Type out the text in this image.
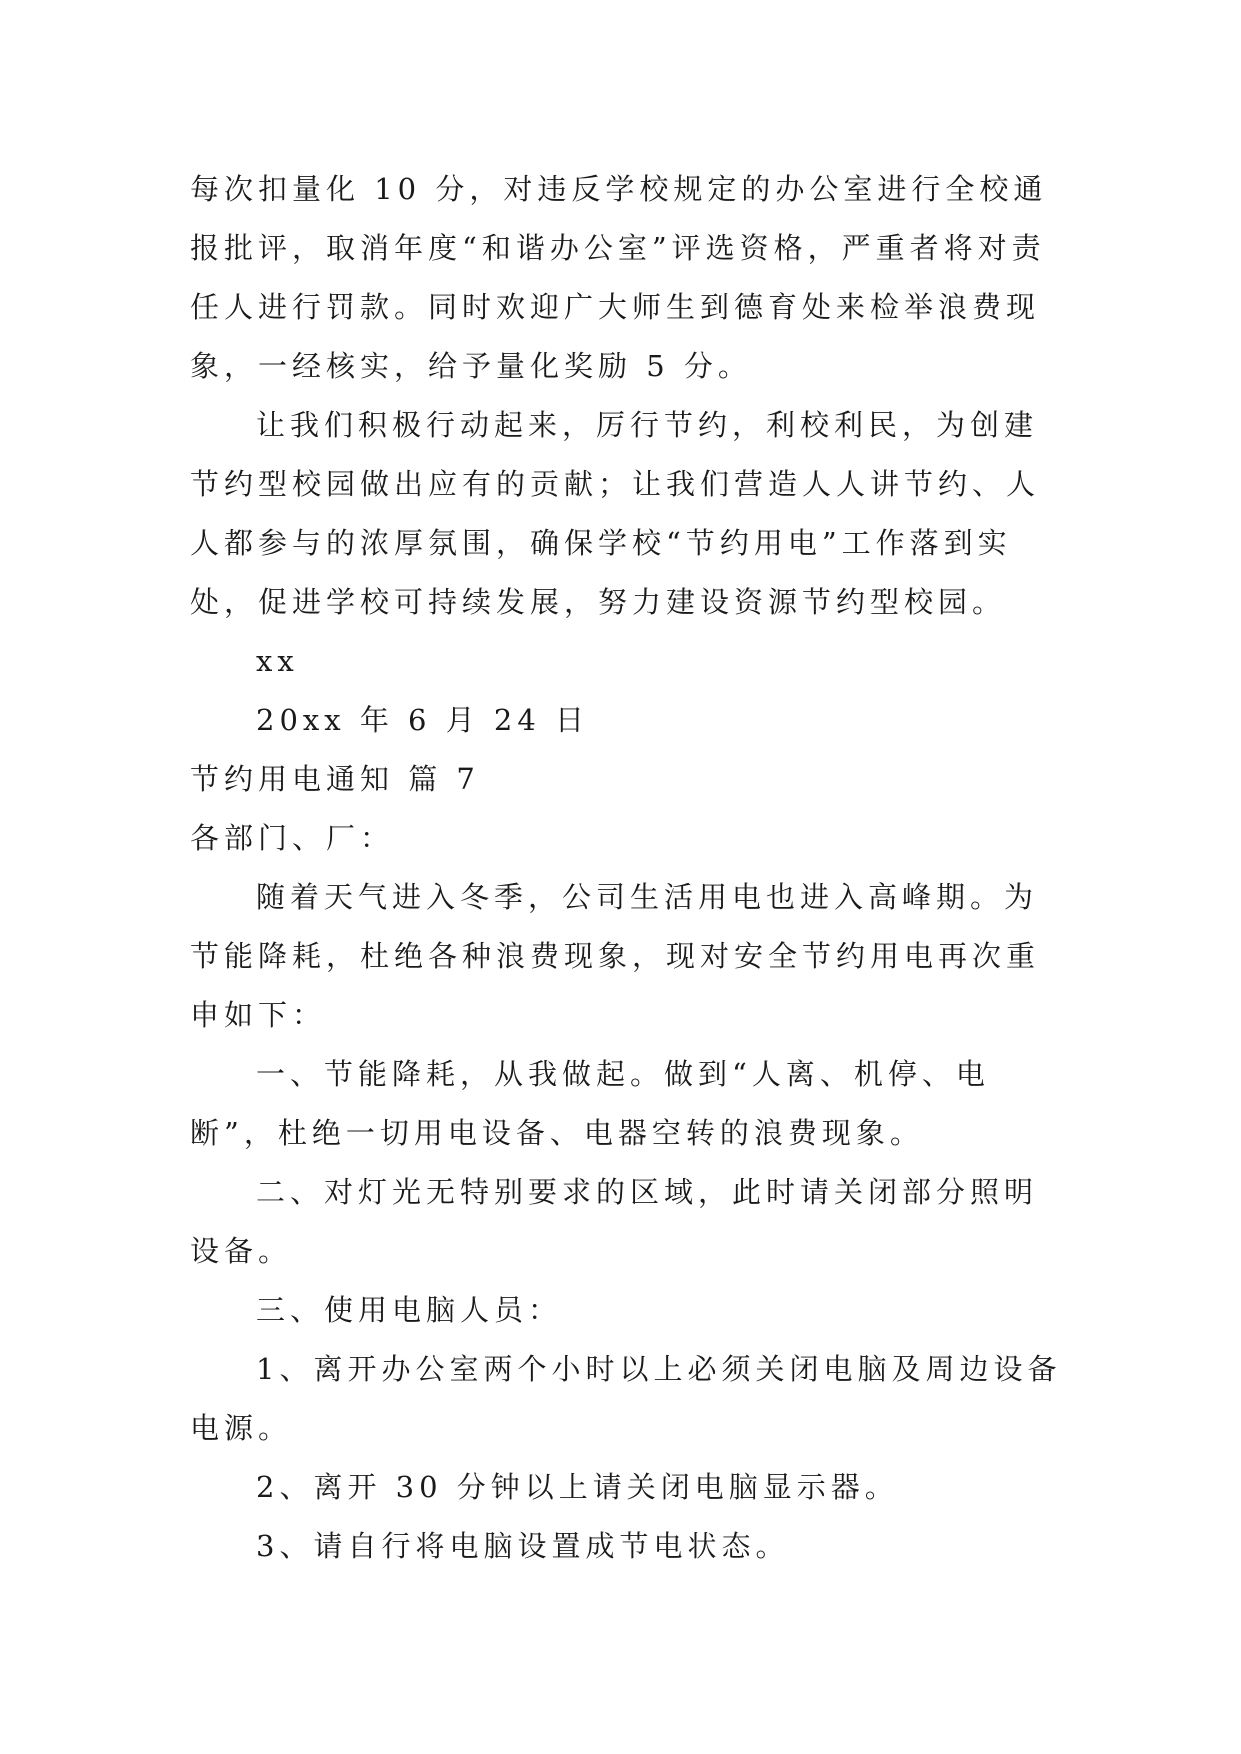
每次扣量化 10 分，对违反学校规定的办公室进行全校通报批评，取消年度“和谐办公室”评选资格，严重者将对责任人进行罚款。同时欢迎广大师生到德育处来检举浪费现象，一经核实，给予量化奖励 5 分。

让我们积极行动起来，厉行节约，利校利民，为创建节约型校园做出应有的贡献；让我们营造人人讲节约、人人都参与的浓厚氛围，确保学校“节约用电”工作落到实处，促进学校可持续发展，努力建设资源节约型校园。

xx

20xx 年 6 月 24 日

节约用电通知 篇 7

各部门、厂：

随着天气进入冬季，公司生活用电也进入高峰期。为节能降耗，杜绝各种浪费现象，现对安全节约用电再次重申如下：

一、节能降耗，从我做起。做到“人离、机停、电断”，杜绝一切用电设备、电器空转的浪费现象。

二、对灯光无特别要求的区域，此时请关闭部分照明设备。

三、使用电脑人员：

1、离开办公室两个小时以上必须关闭电脑及周边设备电源。

2、离开 30 分钟以上请关闭电脑显示器。

3、请自行将电脑设置成节电状态。
